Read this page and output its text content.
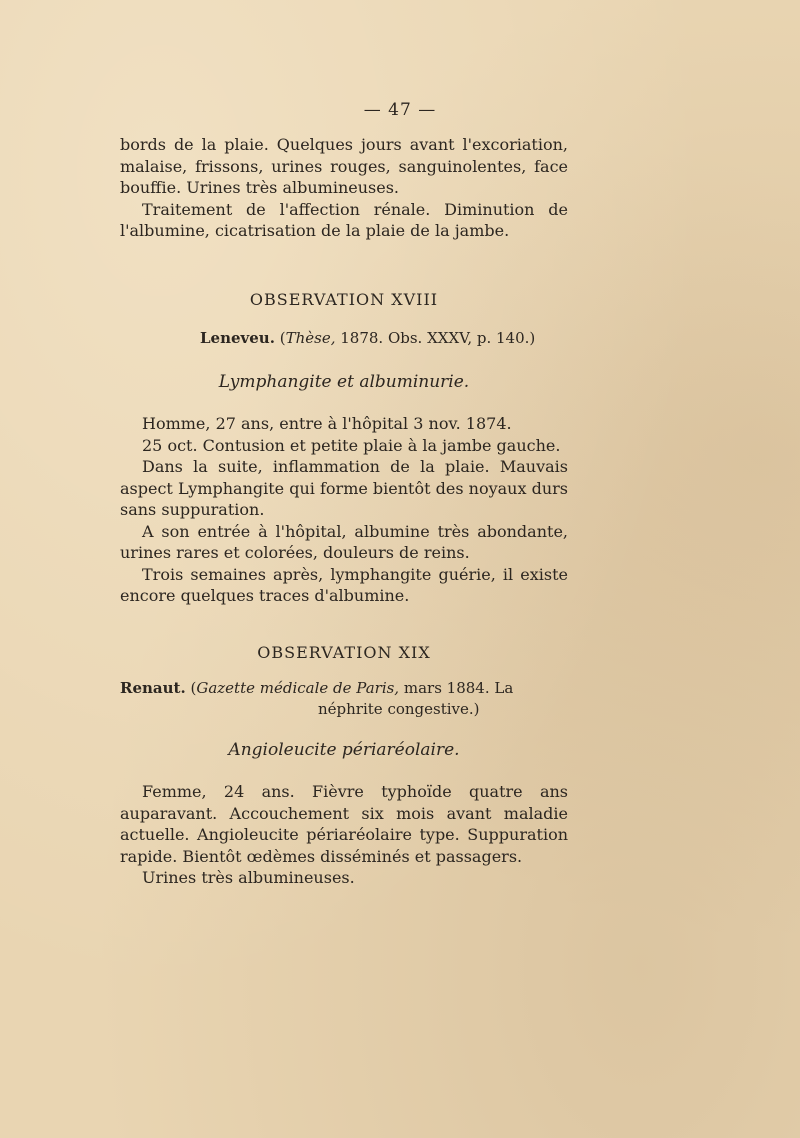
— 47 —

bords de la plaie. Quelques jours avant l'excoriation, malaise, frissons, urines rouges, sanguinolentes, face bouffie. Urines très albumineuses.

Traitement de l'affection rénale. Diminution de l'albumine, cicatrisation de la plaie de la jambe.

OBSERVATION XVIII
Leneveu. (Thèse, 1878. Obs. XXXV, p. 140.)
Lymphangite et albuminurie.

Homme, 27 ans, entre à l'hôpital 3 nov. 1874.

25 oct. Contusion et petite plaie à la jambe gauche.

Dans la suite, inflammation de la plaie. Mauvais aspect Lymphangite qui forme bientôt des noyaux durs sans suppuration.

A son entrée à l'hôpital, albumine très abondante, urines rares et colorées, douleurs de reins.

Trois semaines après, lymphangite guérie, il existe encore quelques traces d'albumine.

OBSERVATION XIX
Renaut. (Gazette médicale de Paris, mars 1884. La néphrite congestive.)
Angioleucite périaréolaire.

Femme, 24 ans. Fièvre typhoïde quatre ans auparavant. Accouchement six mois avant maladie actuelle. Angioleucite périaréolaire type. Suppuration rapide. Bientôt œdèmes disséminés et passagers.

Urines très albumineuses.
